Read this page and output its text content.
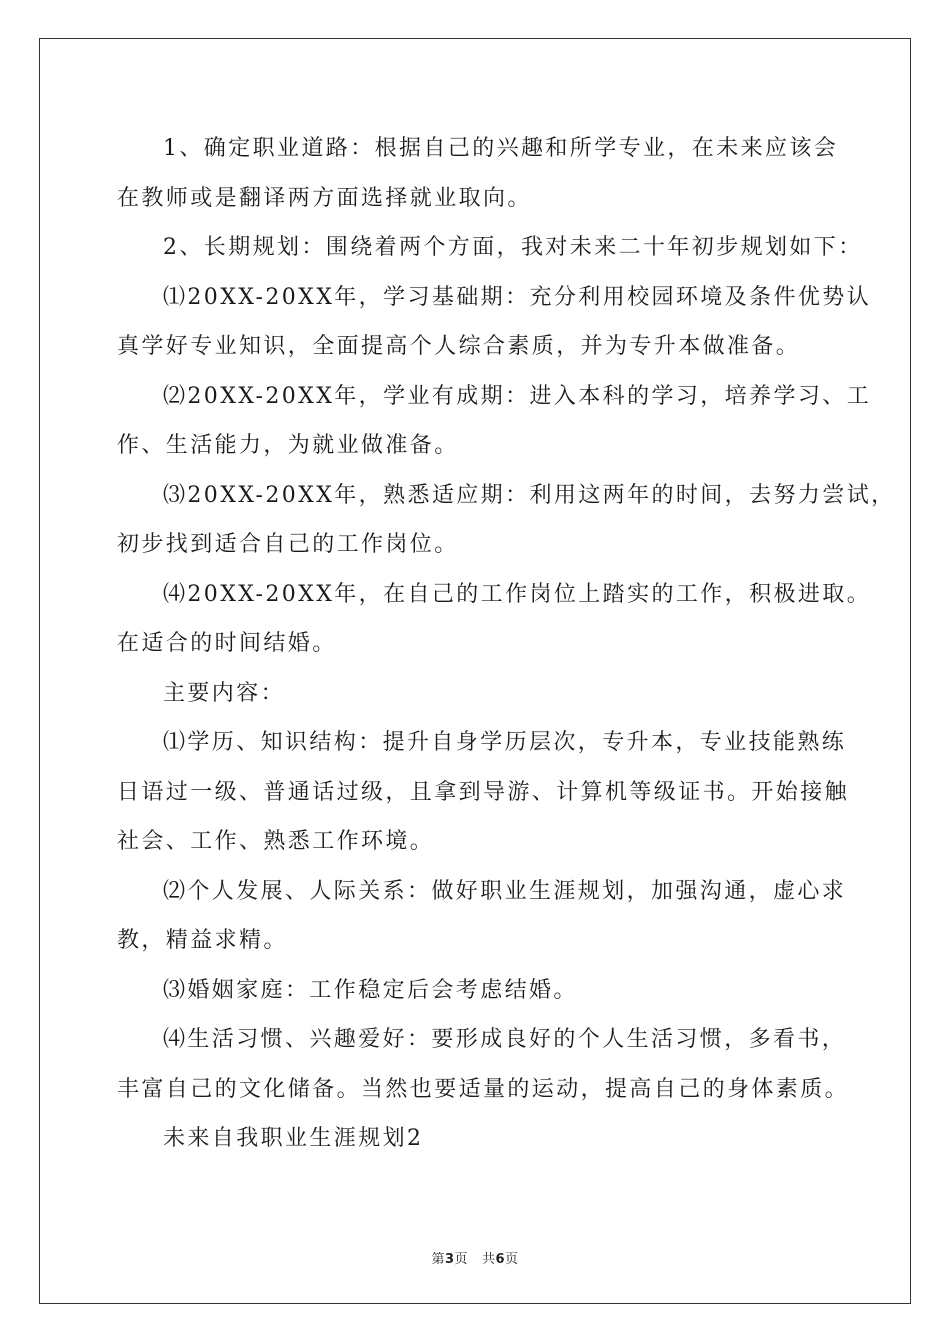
1、确定职业道路：根据自己的兴趣和所学专业，在未来应该会
在教师或是翻译两方面选择就业取向。

2、长期规划：围绕着两个方面，我对未来二十年初步规划如下：

⑴20XX-20XX年，学习基础期：充分利用校园环境及条件优势认
真学好专业知识，全面提高个人综合素质，并为专升本做准备。

⑵20XX-20XX年，学业有成期：进入本科的学习，培养学习、工
作、生活能力，为就业做准备。

⑶20XX-20XX年，熟悉适应期：利用这两年的时间，去努力尝试，
初步找到适合自己的工作岗位。

⑷20XX-20XX年，在自己的工作岗位上踏实的工作，积极进取。
在适合的时间结婚。

主要内容：

⑴学历、知识结构：提升自身学历层次，专升本，专业技能熟练
日语过一级、普通话过级，且拿到导游、计算机等级证书。开始接触
社会、工作、熟悉工作环境。

⑵个人发展、人际关系：做好职业生涯规划，加强沟通，虚心求
教，精益求精。

⑶婚姻家庭：工作稳定后会考虑结婚。

⑷生活习惯、兴趣爱好：要形成良好的个人生活习惯，多看书，
丰富自己的文化储备。当然也要适量的运动，提高自己的身体素质。

未来自我职业生涯规划2

第3页 共6页
